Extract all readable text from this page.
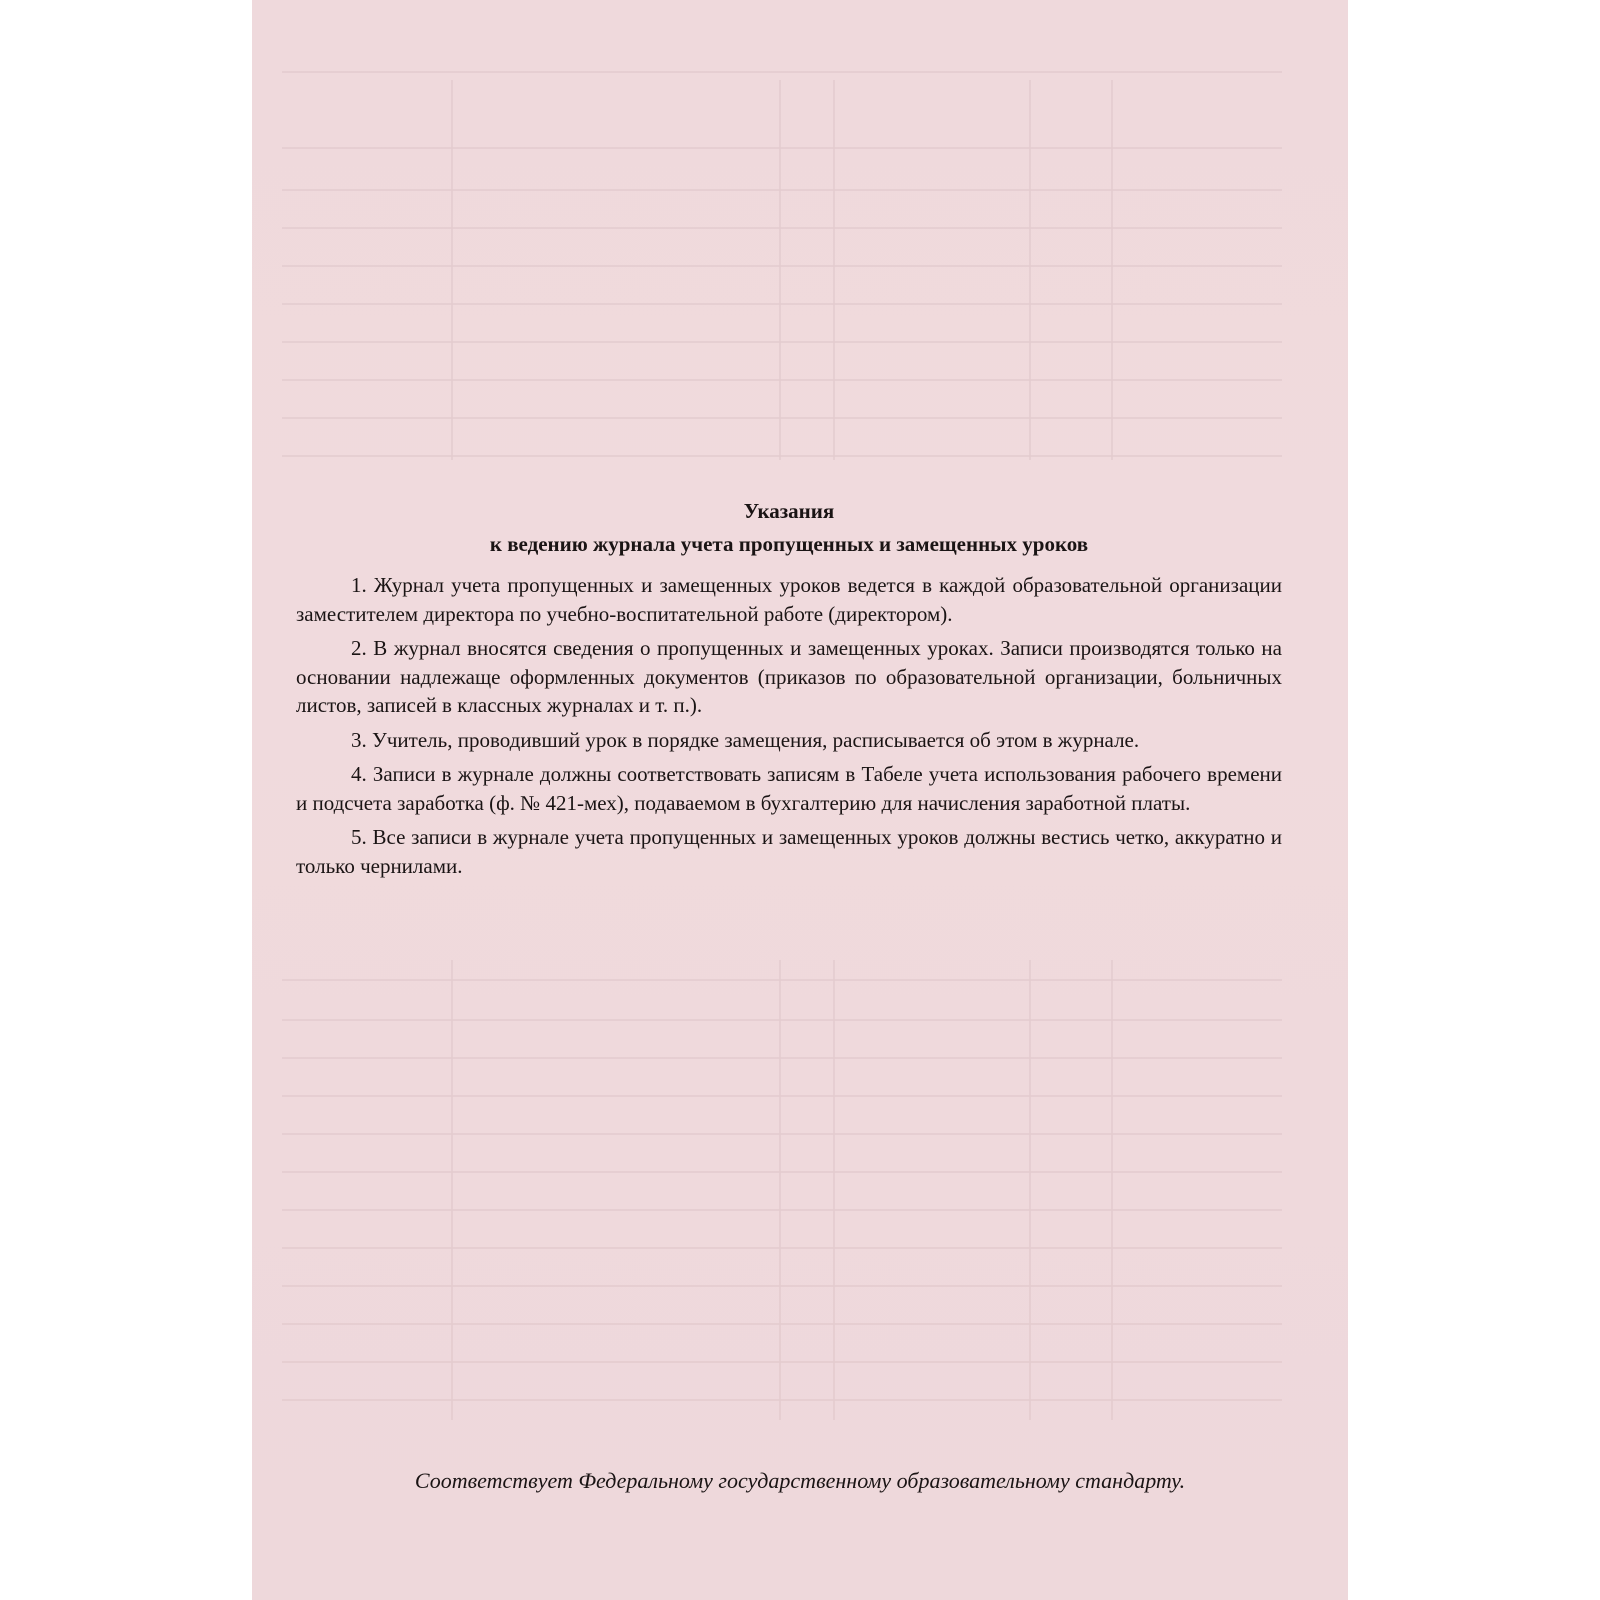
Указания

к ведению журнала учета пропущенных и замещенных уроков

1. Журнал учета пропущенных и замещенных уроков ведется в каждой образовательной организации заместителем директора по учебно-воспитательной работе (директором).

2. В журнал вносятся сведения о пропущенных и замещенных уроках. Записи производятся только на основании надлежаще оформленных документов (приказов по образовательной организации, больничных листов, записей в классных журналах и т. п.).

3. Учитель, проводивший урок в порядке замещения, расписывается об этом в журнале.

4. Записи в журнале должны соответствовать записям в Табеле учета использования рабочего времени и подсчета заработка (ф. № 421-мех), подаваемом в бухгалтерию для начисления заработной платы.

5. Все записи в журнале учета пропущенных и замещенных уроков должны вестись четко, аккуратно и только чернилами.

Соответствует Федеральному государственному образовательному стандарту.
